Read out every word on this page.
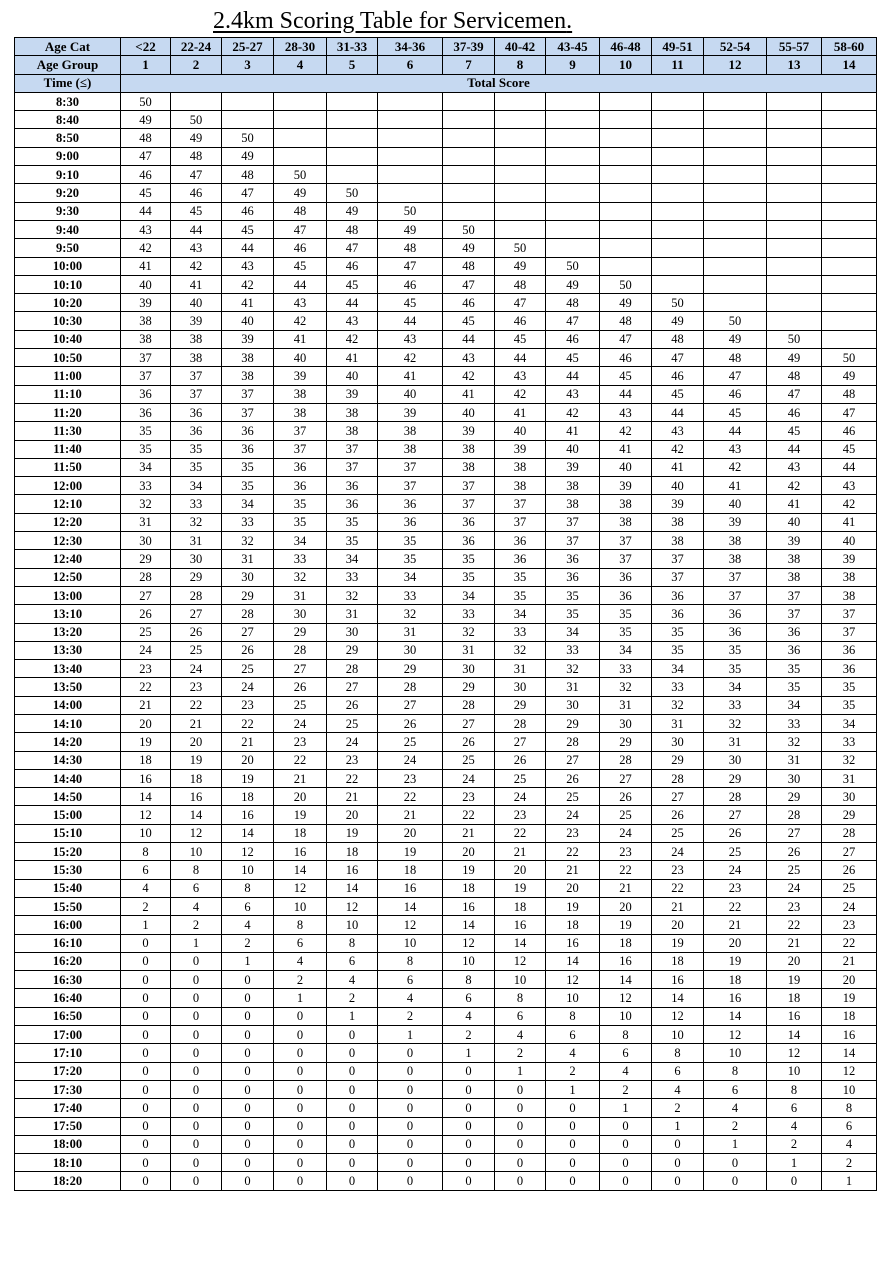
2.4km Scoring Table for Servicemen.
Age Cat	<22	22-24	25-27	28-30	31-33	34-36	37-39	40-42	43-45	46-48	49-51	52-54	55-57	58-60
Age Group	1	2	3	4	5	6	7	8	9	10	11	12	13	14
Time (≤)	Total Score													
8:30	50													
8:40	49	50												
8:50	48	49	50											
9:00	47	48	49											
9:10	46	47	48	50										
9:20	45	46	47	49	50									
9:30	44	45	46	48	49	50								
9:40	43	44	45	47	48	49	50							
9:50	42	43	44	46	47	48	49	50						
10:00	41	42	43	45	46	47	48	49	50					
10:10	40	41	42	44	45	46	47	48	49	50				
10:20	39	40	41	43	44	45	46	47	48	49	50			
10:30	38	39	40	42	43	44	45	46	47	48	49	50		
10:40	38	38	39	41	42	43	44	45	46	47	48	49	50	
10:50	37	38	38	40	41	42	43	44	45	46	47	48	49	50
11:00	37	37	38	39	40	41	42	43	44	45	46	47	48	49
11:10	36	37	37	38	39	40	41	42	43	44	45	46	47	48
11:20	36	36	37	38	38	39	40	41	42	43	44	45	46	47
11:30	35	36	36	37	38	38	39	40	41	42	43	44	45	46
11:40	35	35	36	37	37	38	38	39	40	41	42	43	44	45
11:50	34	35	35	36	37	37	38	38	39	40	41	42	43	44
12:00	33	34	35	36	36	37	37	38	38	39	40	41	42	43
12:10	32	33	34	35	36	36	37	37	38	38	39	40	41	42
12:20	31	32	33	35	35	36	36	37	37	38	38	39	40	41
12:30	30	31	32	34	35	35	36	36	37	37	38	38	39	40
12:40	29	30	31	33	34	35	35	36	36	37	37	38	38	39
12:50	28	29	30	32	33	34	35	35	36	36	37	37	38	38
13:00	27	28	29	31	32	33	34	35	35	36	36	37	37	38
13:10	26	27	28	30	31	32	33	34	35	35	36	36	37	37
13:20	25	26	27	29	30	31	32	33	34	35	35	36	36	37
13:30	24	25	26	28	29	30	31	32	33	34	35	35	36	36
13:40	23	24	25	27	28	29	30	31	32	33	34	35	35	36
13:50	22	23	24	26	27	28	29	30	31	32	33	34	35	35
14:00	21	22	23	25	26	27	28	29	30	31	32	33	34	35
14:10	20	21	22	24	25	26	27	28	29	30	31	32	33	34
14:20	19	20	21	23	24	25	26	27	28	29	30	31	32	33
14:30	18	19	20	22	23	24	25	26	27	28	29	30	31	32
14:40	16	18	19	21	22	23	24	25	26	27	28	29	30	31
14:50	14	16	18	20	21	22	23	24	25	26	27	28	29	30
15:00	12	14	16	19	20	21	22	23	24	25	26	27	28	29
15:10	10	12	14	18	19	20	21	22	23	24	25	26	27	28
15:20	8	10	12	16	18	19	20	21	22	23	24	25	26	27
15:30	6	8	10	14	16	18	19	20	21	22	23	24	25	26
15:40	4	6	8	12	14	16	18	19	20	21	22	23	24	25
15:50	2	4	6	10	12	14	16	18	19	20	21	22	23	24
16:00	1	2	4	8	10	12	14	16	18	19	20	21	22	23
16:10	0	1	2	6	8	10	12	14	16	18	19	20	21	22
16:20	0	0	1	4	6	8	10	12	14	16	18	19	20	21
16:30	0	0	0	2	4	6	8	10	12	14	16	18	19	20
16:40	0	0	0	1	2	4	6	8	10	12	14	16	18	19
16:50	0	0	0	0	1	2	4	6	8	10	12	14	16	18
17:00	0	0	0	0	0	1	2	4	6	8	10	12	14	16
17:10	0	0	0	0	0	0	1	2	4	6	8	10	12	14
17:20	0	0	0	0	0	0	0	1	2	4	6	8	10	12
17:30	0	0	0	0	0	0	0	0	1	2	4	6	8	10
17:40	0	0	0	0	0	0	0	0	0	1	2	4	6	8
17:50	0	0	0	0	0	0	0	0	0	0	1	2	4	6
18:00	0	0	0	0	0	0	0	0	0	0	0	1	2	4
18:10	0	0	0	0	0	0	0	0	0	0	0	0	1	2
18:20	0	0	0	0	0	0	0	0	0	0	0	0	0	1
